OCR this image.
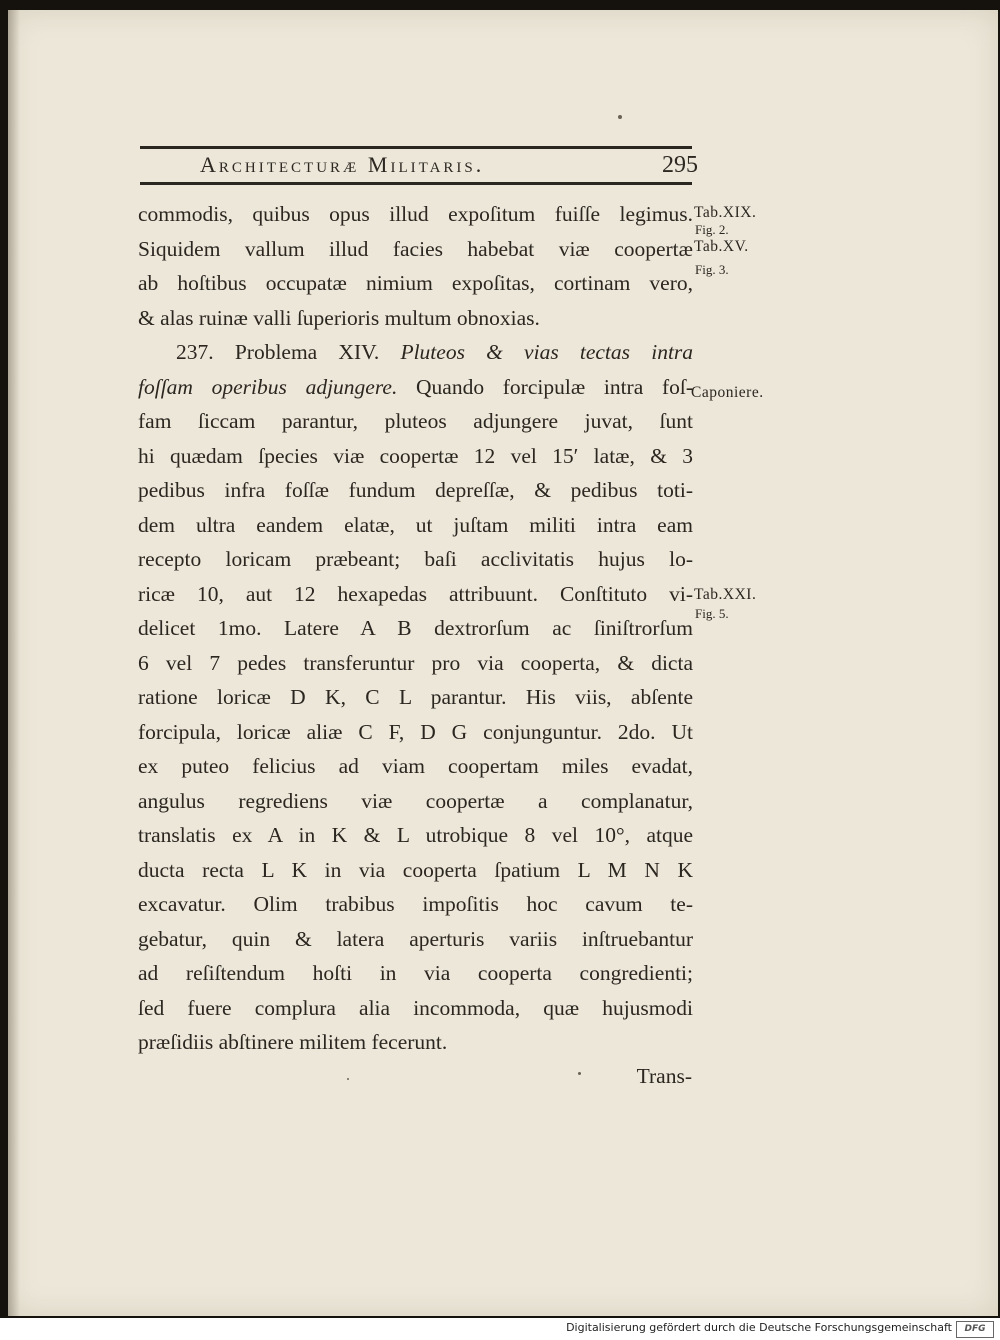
Architecturæ Militaris.	295
commodis, quibus opus illud expoſitum fuiſſe legimus.
Siquidem vallum illud facies habebat viæ coopertæ
ab hoſtibus occupatæ nimium expoſitas, cortinam vero,
& alas ruinæ valli ſuperioris multum obnoxias.
237. Problema XIV. Pluteos & vias tectas intra
foſſam operibus adjungere. Quando forcipulæ intra foſ-
fam ſiccam parantur, pluteos adjungere juvat, ſunt
hi quædam ſpecies viæ coopertæ 12 vel 15ʹ latæ, & 3
pedibus infra foſſæ fundum depreſſæ, & pedibus toti-
dem ultra eandem elatæ, ut juſtam militi intra eam
recepto loricam præbeant; baſi acclivitatis hujus lo-
ricæ 10, aut 12 hexapedas attribuunt. Conſtituto vi-
delicet 1mo. Latere A B dextrorſum ac ſiniſtrorſum
6 vel 7 pedes transferuntur pro via cooperta, & dicta
ratione loricæ D K, C L parantur. His viis, abſente
forcipula, loricæ aliæ C F, D G conjunguntur. 2do. Ut
ex puteo felicius ad viam coopertam miles evadat,
angulus regrediens viæ coopertæ a complanatur,
translatis ex A in K & L utrobique 8 vel 10°, atque
ducta recta L K in via cooperta ſpatium L M N K
excavatur. Olim trabibus impoſitis hoc cavum te-
gebatur, quin & latera aperturis variis inſtruebantur
ad reſiſtendum hoſti in via cooperta congredienti;
ſed fuere complura alia incommoda, quæ hujusmodi
præſidiis abſtinere militem fecerunt.
Trans-
Tab.XIX.
Fig. 2.
Tab.XV.
Fig. 3.
Caponiere.
Tab.XXI.
Fig. 5.
Digitalisierung gefördert durch die Deutsche Forschungsgemeinschaft	DFG
